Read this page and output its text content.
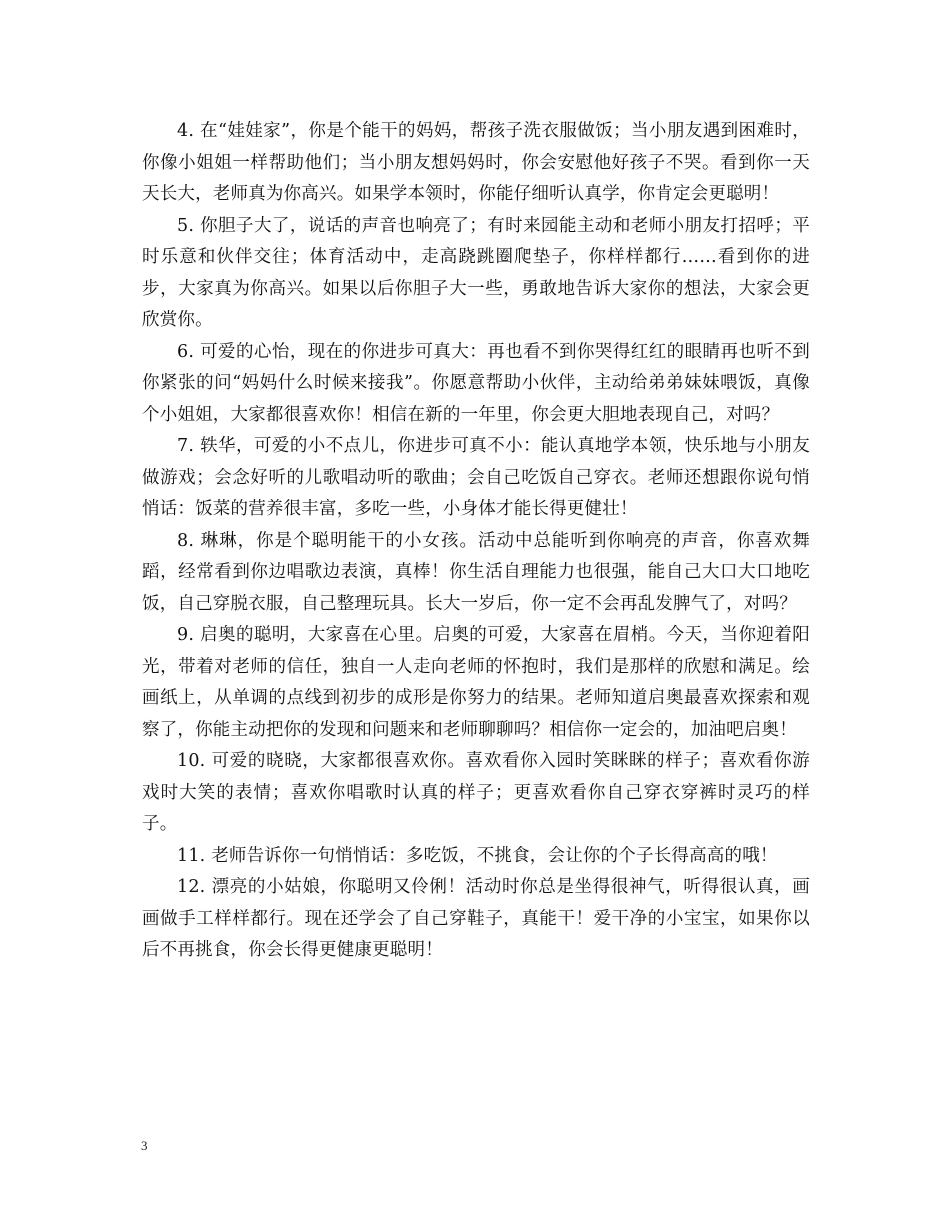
4. 在“娃娃家”，你是个能干的妈妈，帮孩子洗衣服做饭；当小朋友遇到困难时，你像小姐姐一样帮助他们；当小朋友想妈妈时，你会安慰他好孩子不哭。看到你一天天长大，老师真为你高兴。如果学本领时，你能仔细听认真学，你肯定会更聪明！

5. 你胆子大了，说话的声音也响亮了；有时来园能主动和老师小朋友打招呼；平时乐意和伙伴交往；体育活动中，走高跷跳圈爬垫子，你样样都行……看到你的进步，大家真为你高兴。如果以后你胆子大一些，勇敢地告诉大家你的想法，大家会更欣赏你。

6. 可爱的心怡，现在的你进步可真大：再也看不到你哭得红红的眼睛再也听不到你紧张的问“妈妈什么时候来接我”。你愿意帮助小伙伴，主动给弟弟妹妹喂饭，真像个小姐姐，大家都很喜欢你！相信在新的一年里，你会更大胆地表现自己，对吗？

7. 轶华，可爱的小不点儿，你进步可真不小：能认真地学本领，快乐地与小朋友做游戏；会念好听的儿歌唱动听的歌曲；会自己吃饭自己穿衣。老师还想跟你说句悄悄话：饭菜的营养很丰富，多吃一些，小身体才能长得更健壮！

8. 琳琳，你是个聪明能干的小女孩。活动中总能听到你响亮的声音，你喜欢舞蹈，经常看到你边唱歌边表演，真棒！你生活自理能力也很强，能自己大口大口地吃饭，自己穿脱衣服，自己整理玩具。长大一岁后，你一定不会再乱发脾气了，对吗？

9. 启奥的聪明，大家喜在心里。启奥的可爱，大家喜在眉梢。今天，当你迎着阳光，带着对老师的信任，独自一人走向老师的怀抱时，我们是那样的欣慰和满足。绘画纸上，从单调的点线到初步的成形是你努力的结果。老师知道启奥最喜欢探索和观察了，你能主动把你的发现和问题来和老师聊聊吗？相信你一定会的，加油吧启奥！

10. 可爱的晓晓，大家都很喜欢你。喜欢看你入园时笑眯眯的样子；喜欢看你游戏时大笑的表情；喜欢你唱歌时认真的样子；更喜欢看你自己穿衣穿裤时灵巧的样子。

11. 老师告诉你一句悄悄话：多吃饭，不挑食，会让你的个子长得高高的哦！

12. 漂亮的小姑娘，你聪明又伶俐！活动时你总是坐得很神气，听得很认真，画画做手工样样都行。现在还学会了自己穿鞋子，真能干！爱干净的小宝宝，如果你以后不再挑食，你会长得更健康更聪明！

3
